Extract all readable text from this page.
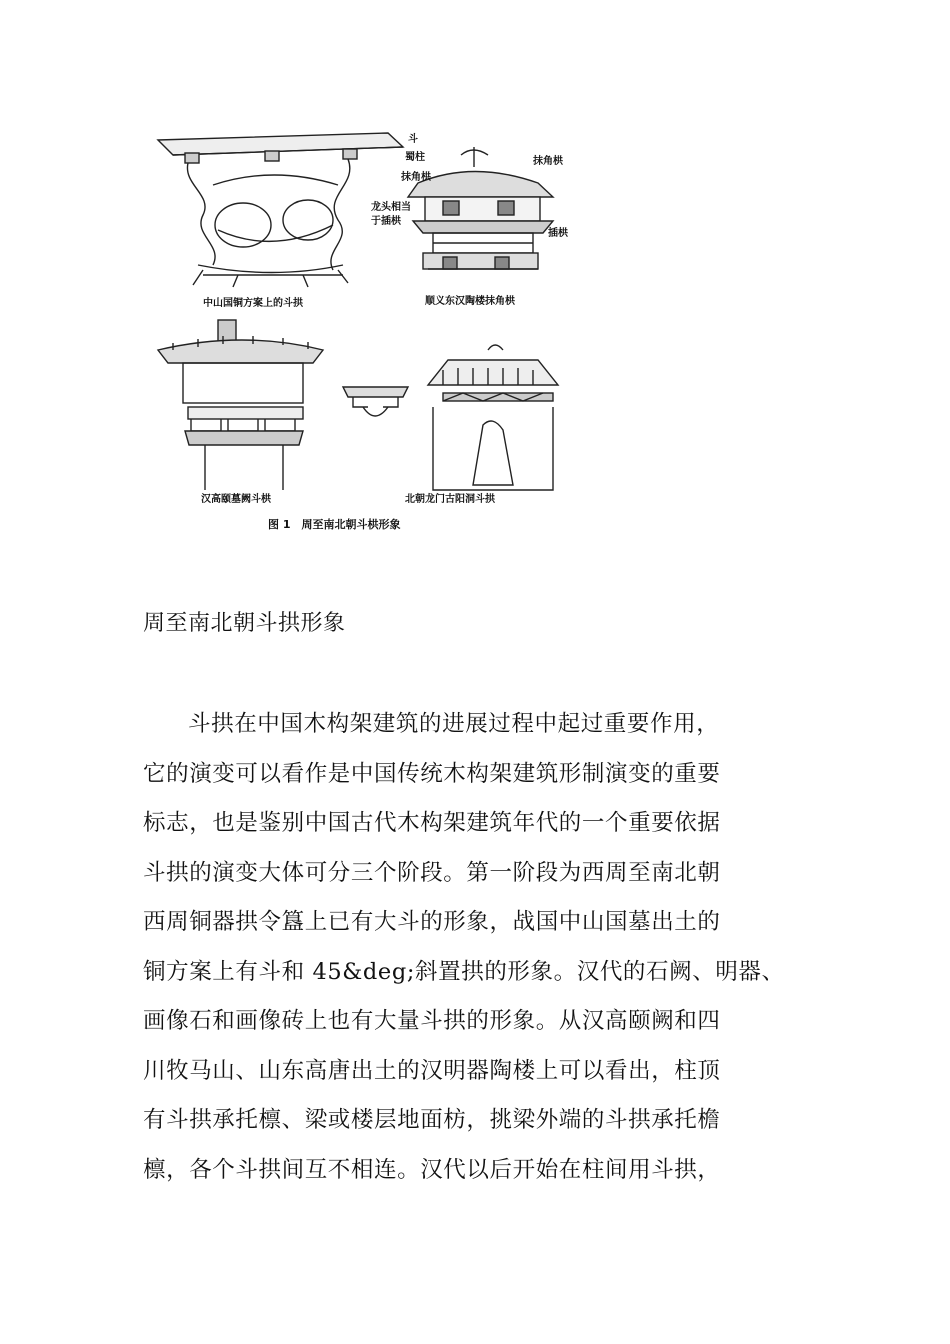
斗
蜀柱
抹角栱
龙头相当
于插栱
抹角栱
插栱
中山国铜方案上的斗拱	顺义东汉陶楼抹角栱
汉高颐墓阙斗栱	北朝龙门古阳洞斗拱
图 1　周至南北朝斗栱形象
周至南北朝斗拱形象
斗拱在中国木构架建筑的进展过程中起过重要作用，
它的演变可以看作是中国传统木构架建筑形制演变的重要
标志，也是鉴别中国古代木构架建筑年代的一个重要依据
斗拱的演变大体可分三个阶段。第一阶段为西周至南北朝
西周铜器拱令簋上已有大斗的形象，战国中山国墓出土的
铜方案上有斗和 45&deg;斜置拱的形象。汉代的石阙、明器、
画像石和画像砖上也有大量斗拱的形象。从汉高颐阙和四
川牧马山、山东高唐出土的汉明器陶楼上可以看出，柱顶
有斗拱承托檩、梁或楼层地面枋，挑梁外端的斗拱承托檐
檩，各个斗拱间互不相连。汉代以后开始在柱间用斗拱，
